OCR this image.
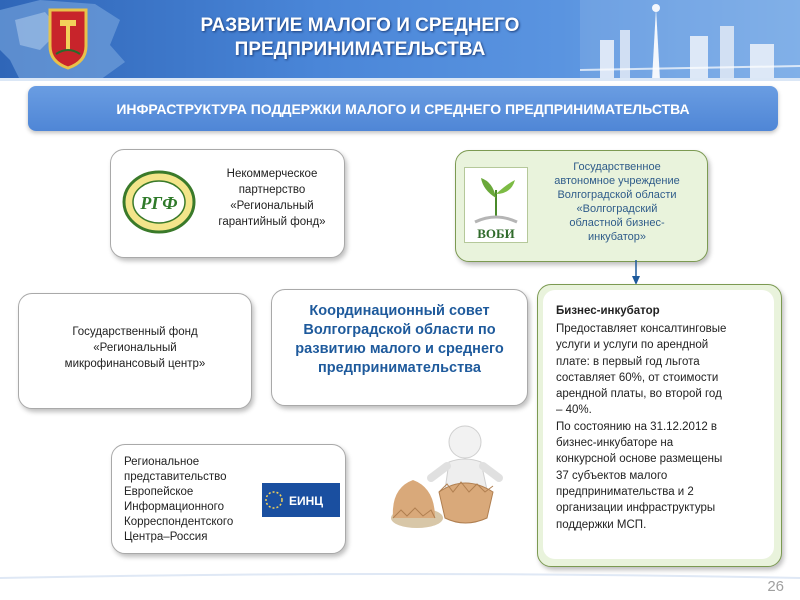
РАЗВИТИЕ МАЛОГО И СРЕДНЕГО
ПРЕДПРИНИМАТЕЛЬСТВА
ИНФРАСТРУКТУРА ПОДДЕРЖКИ МАЛОГО И СРЕДНЕГО ПРЕДПРИНИМАТЕЛЬСТВА
РГФ
Некоммерческое
партнерство
«Региональный
гарантийный фонд»
ВОБИ
Государственное
автономное учреждение
Волгоградской области
«Волгоградский
областной бизнес-
инкубатор»
Государственный фонд
«Региональный
микрофинансовый центр»
Координационный совет
Волгоградской области по
развитию малого и среднего
предпринимательства
Региональное
представительство
Европейское
Информационного
Корреспондентского
Центра–Россия
ЕИНЦ
Бизнес-инкубатор
Предоставляет консалтинговые
услуги и услуги по арендной
плате: в первый год льгота
составляет 60%, от стоимости
арендной платы, во второй год
– 40%.
По состоянию на 31.12.2012 в
бизнес-инкубаторе на
конкурсной основе размещены
37 субъектов малого
предпринимательства и 2
организации инфраструктуры
поддержки МСП.
26
